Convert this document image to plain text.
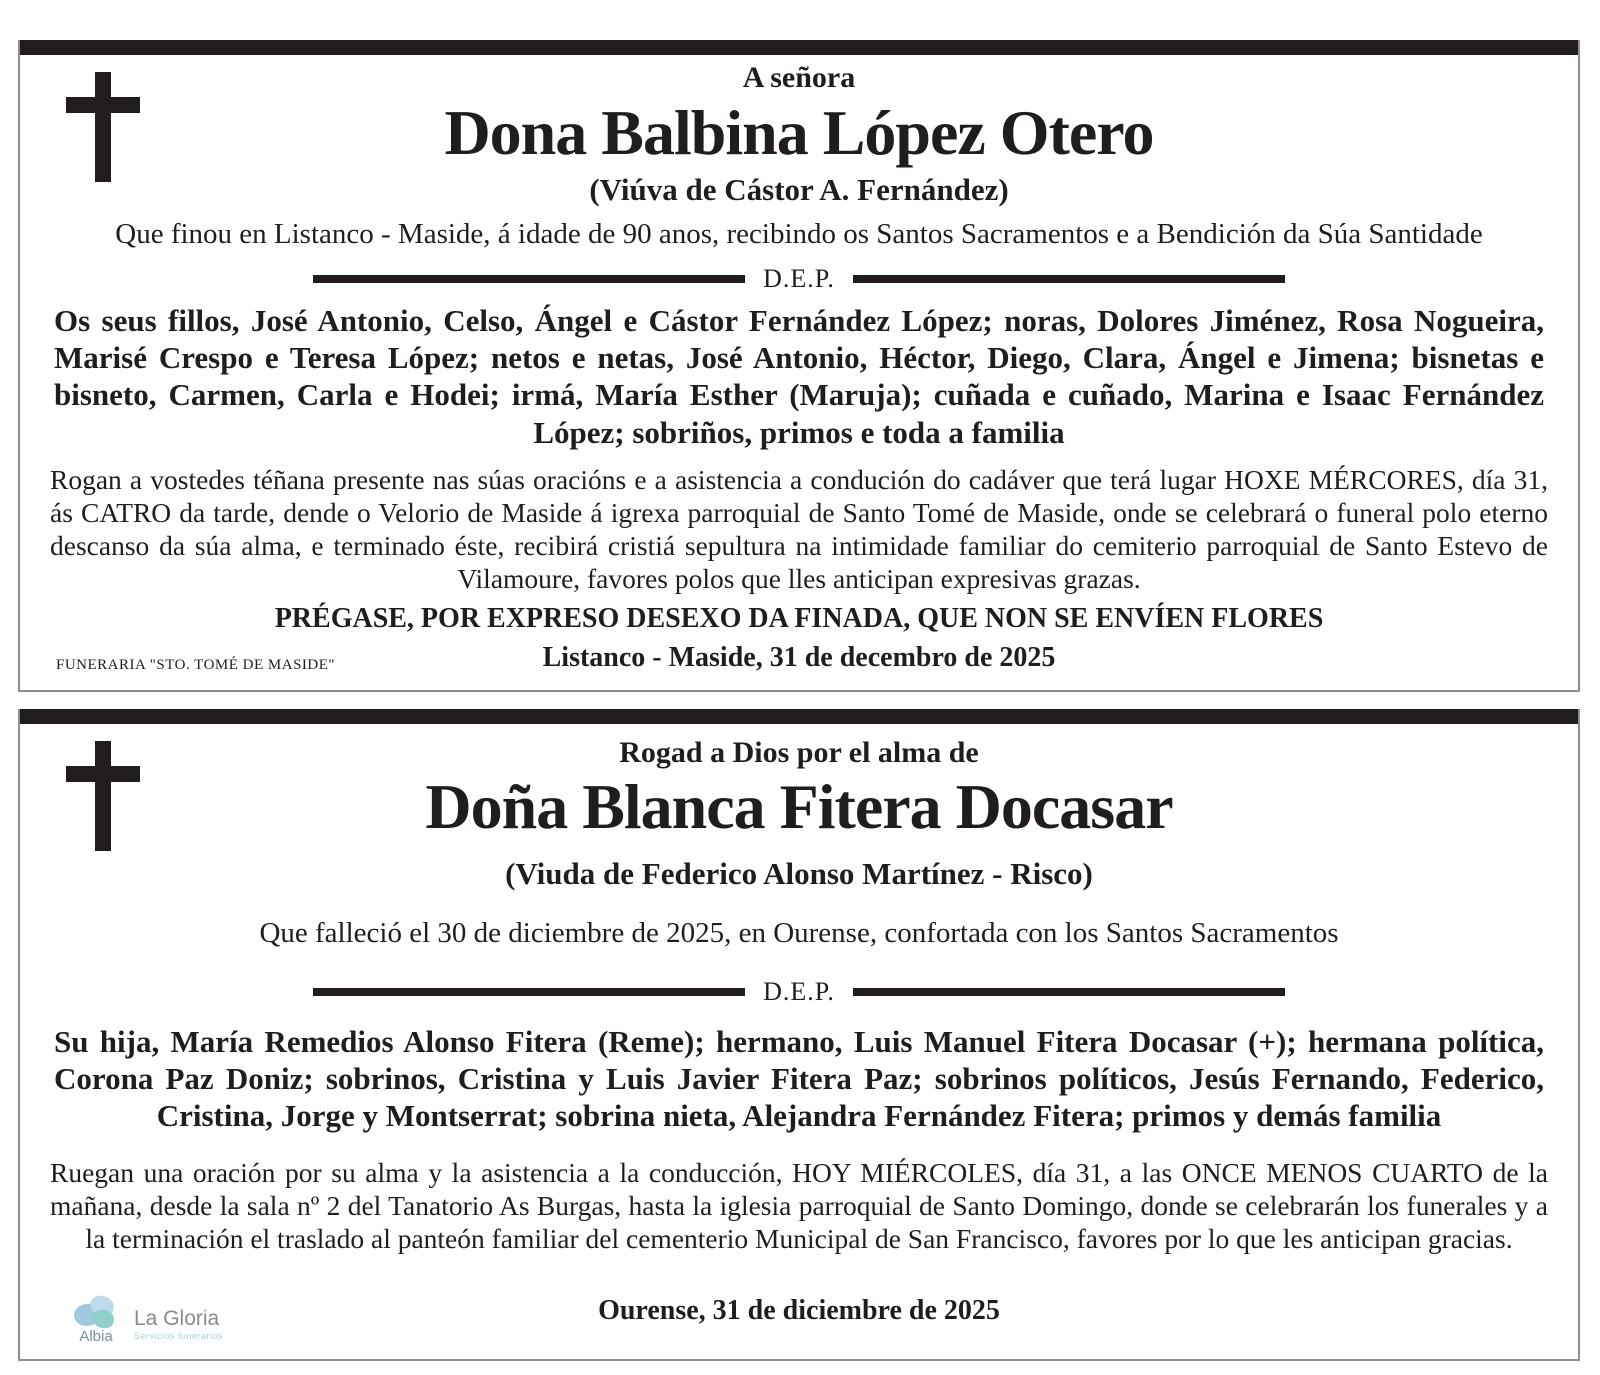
A señora
Dona Balbina López Otero
(Viúva de Cástor A. Fernández)
Que finou en Listanco - Maside, á idade de 90 anos, recibindo os Santos Sacramentos e a Bendición da Súa Santidade
D.E.P.

Os seus fillos, José Antonio, Celso, Ángel e Cástor Fernández López; noras, Dolores Jiménez, Rosa Nogueira, Marisé Crespo e Teresa López; netos e netas, José Antonio, Héctor, Diego, Clara, Ángel e Jimena; bisnetas e bisneto, Carmen, Carla e Hodei; irmá, María Esther (Maruja); cuñada e cuñado, Marina e Isaac Fernández López; sobriños, primos e toda a familia

Rogan a vostedes téñana presente nas súas oracións e a asistencia a condución do cadáver que terá lugar HOXE MÉRCORES, día 31, ás CATRO da tarde, dende o Velorio de Maside á igrexa parroquial de Santo Tomé de Maside, onde se celebrará o funeral polo eterno descanso da súa alma, e terminado éste, recibirá cristiá sepultura na intimidade familiar do cemiterio parroquial de Santo Estevo de Vilamoure, favores polos que lles anticipan expresivas grazas.

PRÉGASE, POR EXPRESO DESEXO DA FINADA, QUE NON SE ENVÍEN FLORES
FUNERARIA "STO. TOMÉ DE MASIDE"	Listanco - Maside, 31 de decembro de 2025
Rogad a Dios por el alma de
Doña Blanca Fitera Docasar
(Viuda de Federico Alonso Martínez - Risco)
Que falleció el 30 de diciembre de 2025, en Ourense, confortada con los Santos Sacramentos
D.E.P.

Su hija, María Remedios Alonso Fitera (Reme); hermano, Luis Manuel Fitera Docasar (+); hermana política, Corona Paz Doniz; sobrinos, Cristina y Luis Javier Fitera Paz; sobrinos políticos, Jesús Fernando, Federico, Cristina, Jorge y Montserrat; sobrina nieta, Alejandra Fernández Fitera; primos y demás familia

Ruegan una oración por su alma y la asistencia a la conducción, HOY MIÉRCOLES, día 31, a las ONCE MENOS CUARTO de la mañana, desde la sala nº 2 del Tanatorio As Burgas, hasta la iglesia parroquial de Santo Domingo, donde se celebrarán los funerales y a la terminación el traslado al panteón familiar del cementerio Municipal de San Francisco, favores por lo que les anticipan gracias.

Ourense, 31 de diciembre de 2025
Albia
La Gloria
Servicios funerarios
